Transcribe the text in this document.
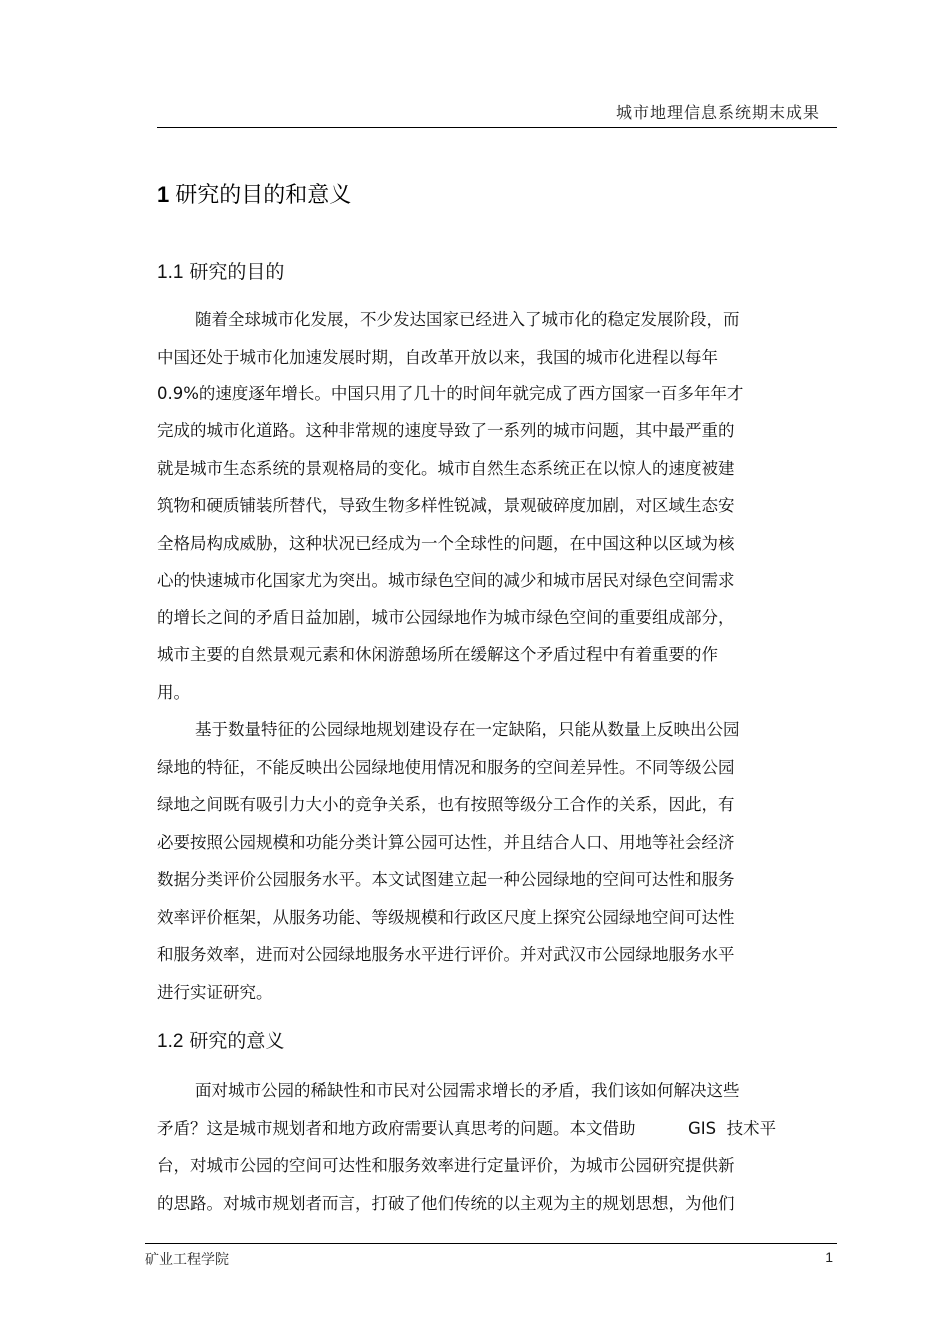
城市地理信息系统期末成果
1 研究的目的和意义
1.1 研究的目的
随着全球城市化发展，不少发达国家已经进入了城市化的稳定发展阶段，而
中国还处于城市化加速发展时期，自改革开放以来，我国的城市化进程以每年
0.9%的速度逐年增长。中国只用了几十的时间年就完成了西方国家一百多年年才
完成的城市化道路。这种非常规的速度导致了一系列的城市问题，其中最严重的
就是城市生态系统的景观格局的变化。城市自然生态系统正在以惊人的速度被建
筑物和硬质铺装所替代，导致生物多样性锐减，景观破碎度加剧，对区域生态安
全格局构成威胁，这种状况已经成为一个全球性的问题，在中国这种以区域为核
心的快速城市化国家尤为突出。城市绿色空间的减少和城市居民对绿色空间需求
的增长之间的矛盾日益加剧，城市公园绿地作为城市绿色空间的重要组成部分，
城市主要的自然景观元素和休闲游憩场所在缓解这个矛盾过程中有着重要的作
用。
基于数量特征的公园绿地规划建设存在一定缺陷，只能从数量上反映出公园
绿地的特征，不能反映出公园绿地使用情况和服务的空间差异性。不同等级公园
绿地之间既有吸引力大小的竞争关系，也有按照等级分工合作的关系，因此，有
必要按照公园规模和功能分类计算公园可达性，并且结合人口、用地等社会经济
数据分类评价公园服务水平。本文试图建立起一种公园绿地的空间可达性和服务
效率评价框架，从服务功能、等级规模和行政区尺度上探究公园绿地空间可达性
和服务效率，进而对公园绿地服务水平进行评价。并对武汉市公园绿地服务水平
进行实证研究。
1.2 研究的意义
面对城市公园的稀缺性和市民对公园需求增长的矛盾，我们该如何解决这些
矛盾？这是城市规划者和地方政府需要认真思考的问题。本文借助          GIS  技术平
台，对城市公园的空间可达性和服务效率进行定量评价，为城市公园研究提供新
的思路。对城市规划者而言，打破了他们传统的以主观为主的规划思想，为他们
矿业工程学院	1
